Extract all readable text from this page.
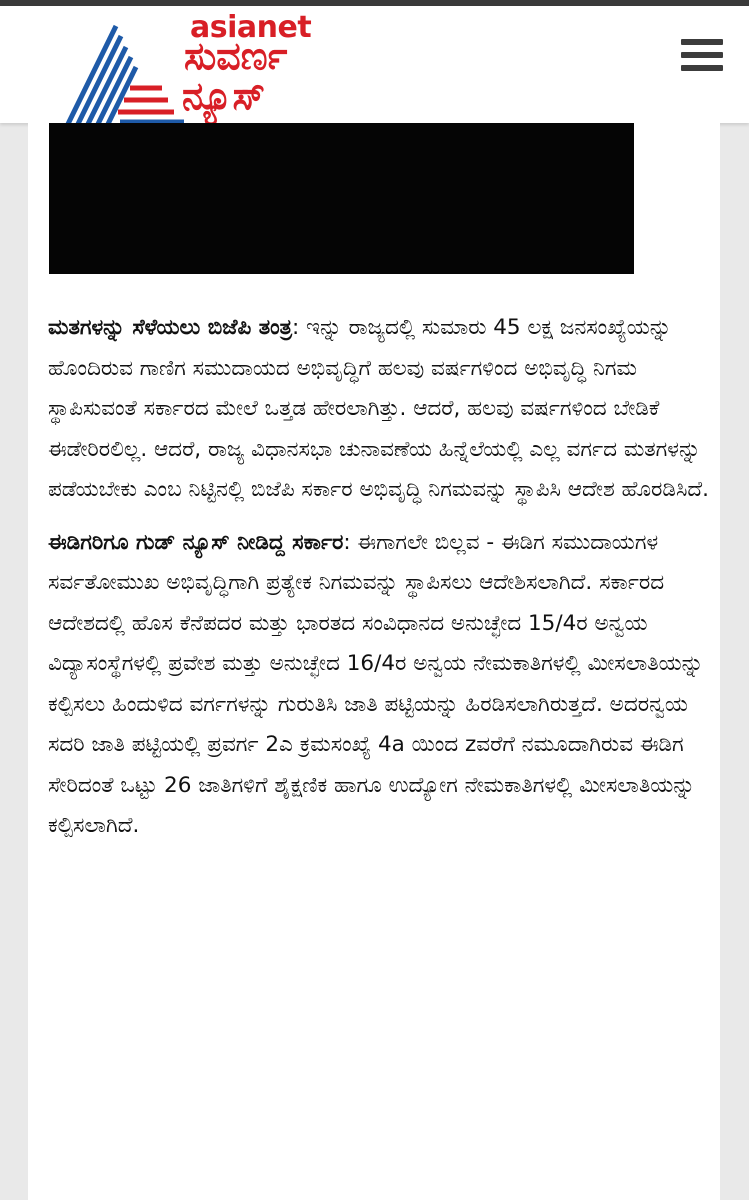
asianet
ಸುವರ್ಣ
ನ್ಯೂಸ್

ಮತಗಳನ್ನು ಸೆಳೆಯಲು ಬಿಜೆಪಿ ತಂತ್ರ: ಇನ್ನು ರಾಜ್ಯದಲ್ಲಿ ಸುಮಾರು 45 ಲಕ್ಷ ಜನಸಂಖ್ಯೆಯನ್ನು ಹೊಂದಿರುವ ಗಾಣಿಗ ಸಮುದಾಯದ ಅಭಿವೃದ್ಧಿಗೆ ಹಲವು ವರ್ಷಗಳಿಂದ ಅಭಿವೃದ್ಧಿ ನಿಗಮ ಸ್ಥಾಪಿಸುವಂತೆ ಸರ್ಕಾರದ ಮೇಲೆ ಒತ್ತಡ ಹೇರಲಾಗಿತ್ತು. ಆದರೆ, ಹಲವು ವರ್ಷಗಳಿಂದ ಬೇಡಿಕೆ ಈಡೇರಿರಲಿಲ್ಲ. ಆದರೆ, ರಾಜ್ಯ ವಿಧಾನಸಭಾ ಚುನಾವಣೆಯ ಹಿನ್ನೆಲೆಯಲ್ಲಿ ಎಲ್ಲ ವರ್ಗದ ಮತಗಳನ್ನು ಪಡೆಯಬೇಕು ಎಂಬ ನಿಟ್ಟಿನಲ್ಲಿ ಬಿಜೆಪಿ ಸರ್ಕಾರ ಅಭಿವೃದ್ಧಿ ನಿಗಮವನ್ನು ಸ್ಥಾಪಿಸಿ ಆದೇಶ ಹೊರಡಿಸಿದೆ.

ಈಡಿಗರಿಗೂ ಗುಡ್ ನ್ಯೂಸ್ ನೀಡಿದ್ದ ಸರ್ಕಾರ: ಈಗಾಗಲೇ ಬಿಲ್ಲವ - ಈಡಿಗ ಸಮುದಾಯಗಳ ಸರ್ವತೋಮುಖ ಅಭಿವೃದ್ಧಿಗಾಗಿ ಪ್ರತ್ಯೇಕ ನಿಗಮವನ್ನು ಸ್ಥಾಪಿಸಲು ಆದೇಶಿಸಲಾಗಿದೆ. ಸರ್ಕಾರದ ಆದೇಶದಲ್ಲಿ ಹೊಸ ಕೆನೆಪದರ ಮತ್ತು ಭಾರತದ ಸಂವಿಧಾನದ ಅನುಚ್ಛೇದ 15/4ರ ಅನ್ವಯ ವಿದ್ಯಾಸಂಸ್ಥೆಗಳಲ್ಲಿ ಪ್ರವೇಶ ಮತ್ತು ಅನುಚ್ಛೇದ 16/4ರ ಅನ್ವಯ ನೇಮಕಾತಿಗಳಲ್ಲಿ ಮೀಸಲಾತಿಯನ್ನು ಕಲ್ಪಿಸಲು ಹಿಂದುಳಿದ ವರ್ಗಗಳನ್ನು ಗುರುತಿಸಿ ಜಾತಿ ಪಟ್ಟಿಯನ್ನು ಹಿರಡಿಸಲಾಗಿರುತ್ತದೆ. ಅದರನ್ವಯ ಸದರಿ ಜಾತಿ ಪಟ್ಟಿಯಲ್ಲಿ ಪ್ರವರ್ಗ 2ಎ ಕ್ರಮಸಂಖ್ಯೆ 4a ಯಿಂದ zವರೆಗೆ ನಮೂದಾಗಿರುವ ಈಡಿಗ ಸೇರಿದಂತೆ ಒಟ್ಟು 26 ಜಾತಿಗಳಿಗೆ ಶೈಕ್ಷಣಿಕ ಹಾಗೂ ಉದ್ಯೋಗ ನೇಮಕಾತಿಗಳಲ್ಲಿ ಮೀಸಲಾತಿಯನ್ನು ಕಲ್ಪಿಸಲಾಗಿದೆ.
